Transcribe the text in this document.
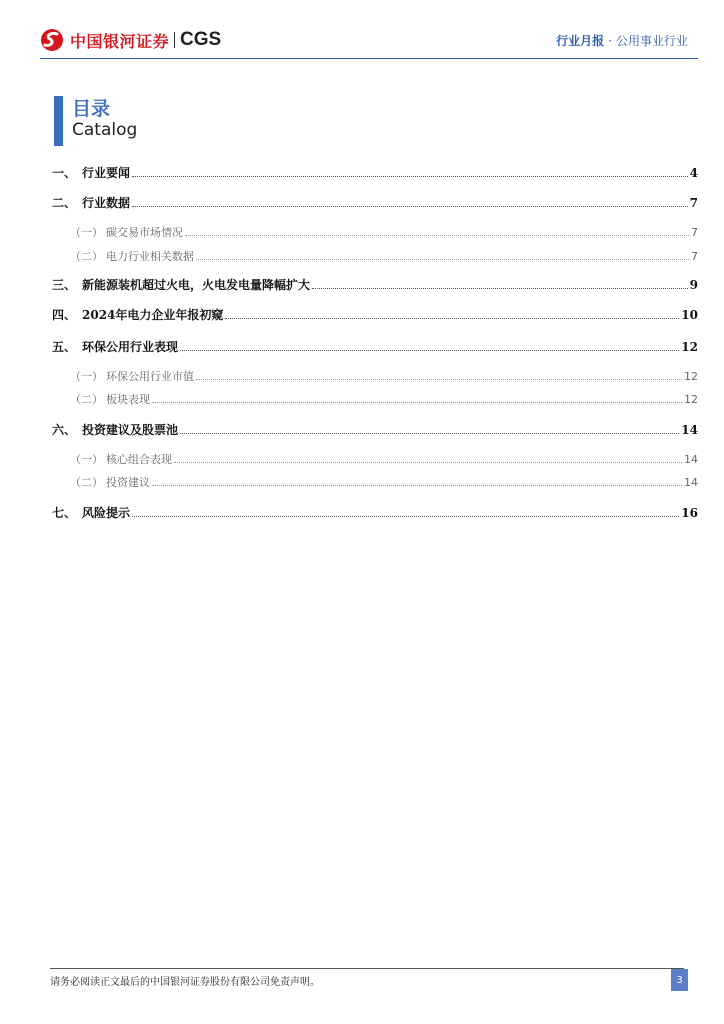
中国银河证券 CGS	行业月报 · 公用事业行业
目录
Catalog
一、 行业要闻	4
二、 行业数据	7
（一） 碳交易市场情况	7
（二） 电力行业相关数据	7
三、 新能源装机超过火电，火电发电量降幅扩大	9
四、 2024年电力企业年报初窥	10
五、 环保公用行业表现	12
（一） 环保公用行业市值	12
（二） 板块表现	12
六、 投资建议及股票池	14
（一） 核心组合表现	14
（二） 投资建议	14
七、 风险提示	16
请务必阅读正文最后的中国银河证券股份有限公司免责声明。	3
